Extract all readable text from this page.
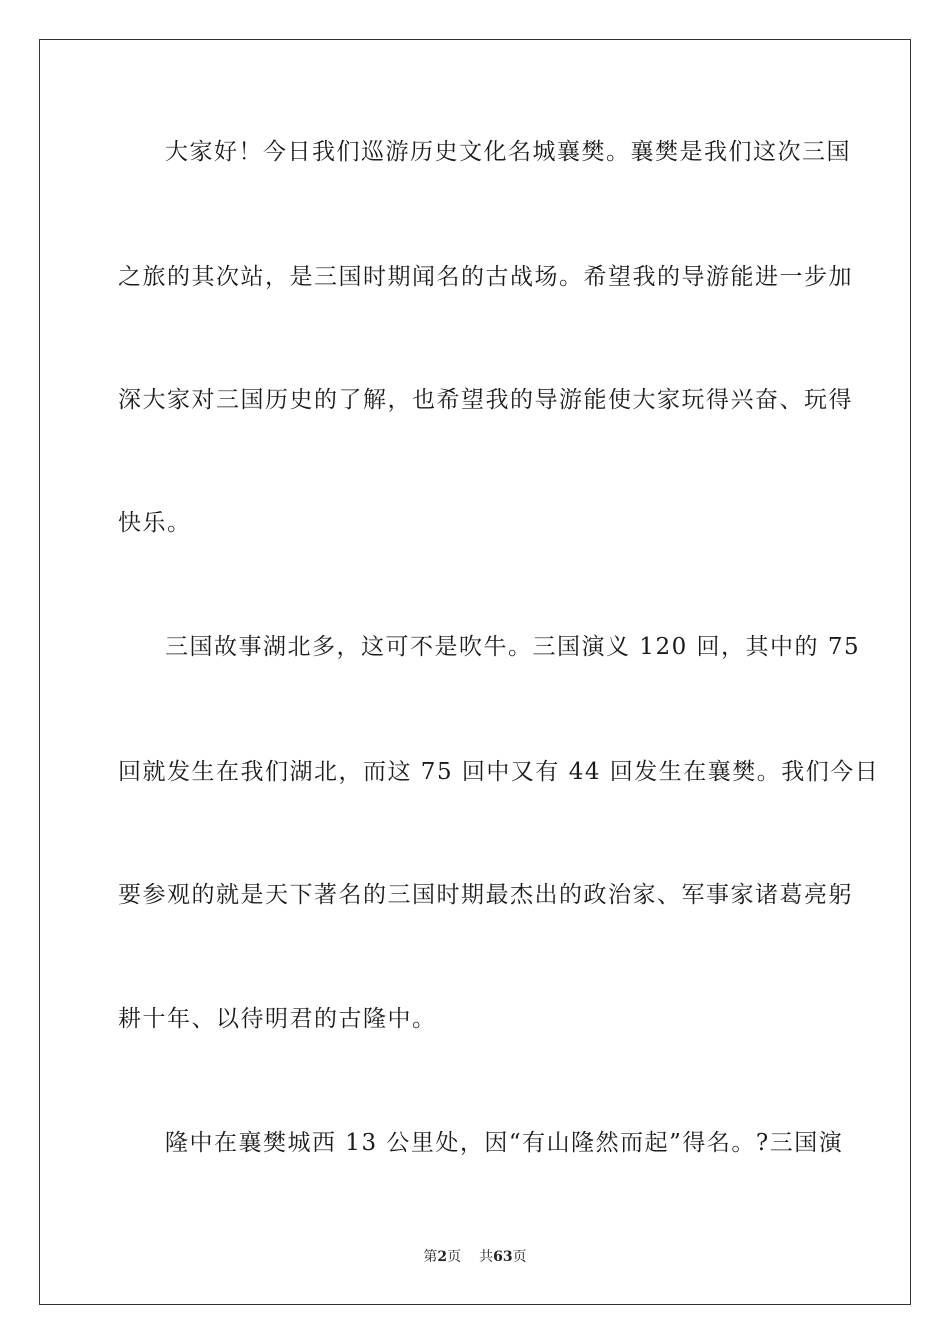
大家好！今日我们巡游历史文化名城襄樊。襄樊是我们这次三国
之旅的其次站，是三国时期闻名的古战场。希望我的导游能进一步加
深大家对三国历史的了解，也希望我的导游能使大家玩得兴奋、玩得
快乐。
三国故事湖北多，这可不是吹牛。三国演义 120 回，其中的 75
回就发生在我们湖北，而这 75 回中又有 44 回发生在襄樊。我们今日
要参观的就是天下著名的三国时期最杰出的政治家、军事家诸葛亮躬
耕十年、以待明君的古隆中。
隆中在襄樊城西 13 公里处，因“有山隆然而起”得名。?三国演
第2页 共63页
